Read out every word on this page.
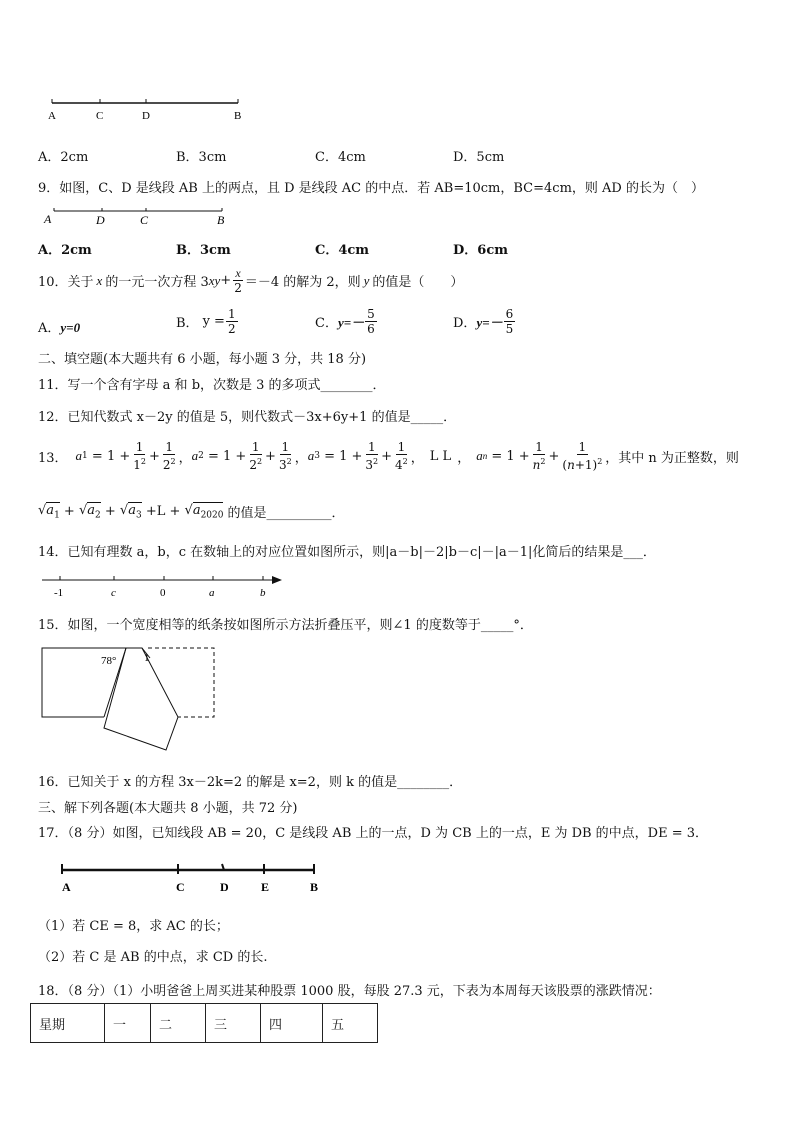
A	C	D	B
A．2cm	B．3cm	C．4cm	D．5cm
9．如图，C、D 是线段 AB 上的两点，且 D 是线段 AC 的中点．若 AB=10cm，BC=4cm，则 AD 的长为（　）
A	D	C	B
A．2cm	B．3cm	C．4cm	D．6cm
10．关于 x 的一元一次方程 3 xy + $\frac{x}{2} =-4$ 的解为 2，则 y 的值是（　　）
A．y=0	B． $y = \frac{1}{2}$	C． $y=- \frac{5}{6}$	D． $y=- \frac{6}{5}$
二、填空题(本大题共有 6 小题，每小题 3 分，共 18 分)
11．写一个含有字母 a 和 b，次数是 3 的多项式________．
12．已知代数式 x－2y 的值是 5，则代数式－3x+6y+1 的值是_____．
13． a $1 = 1 + \frac{1}{1^2} + \frac{1}{2^2}$ ， a $2 = 1 + \frac{1}{2^2} + \frac{1}{3^2}$ ， a $3 = 1 + \frac{1}{3^2} + \frac{1}{4^2}$ ， L L ， a $n = 1 + \frac{1}{n^2} + \frac{1}{(n+1)^2}$ ，其中 n 为正整数，则
$√a_1 + √a_2 + √a_3 +L + √a_{2020}$ 的值是__________．
14．已知有理数 a，b，c 在数轴上的对应位置如图所示，则|a－b|－2|b－c|－|a－1|化简后的结果是___．
-1	c	0	a	b
15．如图，一个宽度相等的纸条按如图所示方法折叠压平，则∠1 的度数等于_____°．
78°	1
16．已知关于 x 的方程 3x－2k=2 的解是 x=2，则 k 的值是________．
三、解下列各题(本大题共 8 小题，共 72 分)
17．（8 分）如图，已知线段 AB = 20，C 是线段 AB 上的一点，D 为 CB 上的一点，E 为 DB 的中点，DE = 3．
A	C	D	E	B
（1）若 CE = 8，求 AC 的长；
（2）若 C 是 AB 的中点，求 CD 的长.
18．（8 分）（1）小明爸爸上周买进某种股票 1000 股，每股 27.3 元，下表为本周每天该股票的涨跌情况：
星期	一	二	三	四	五
